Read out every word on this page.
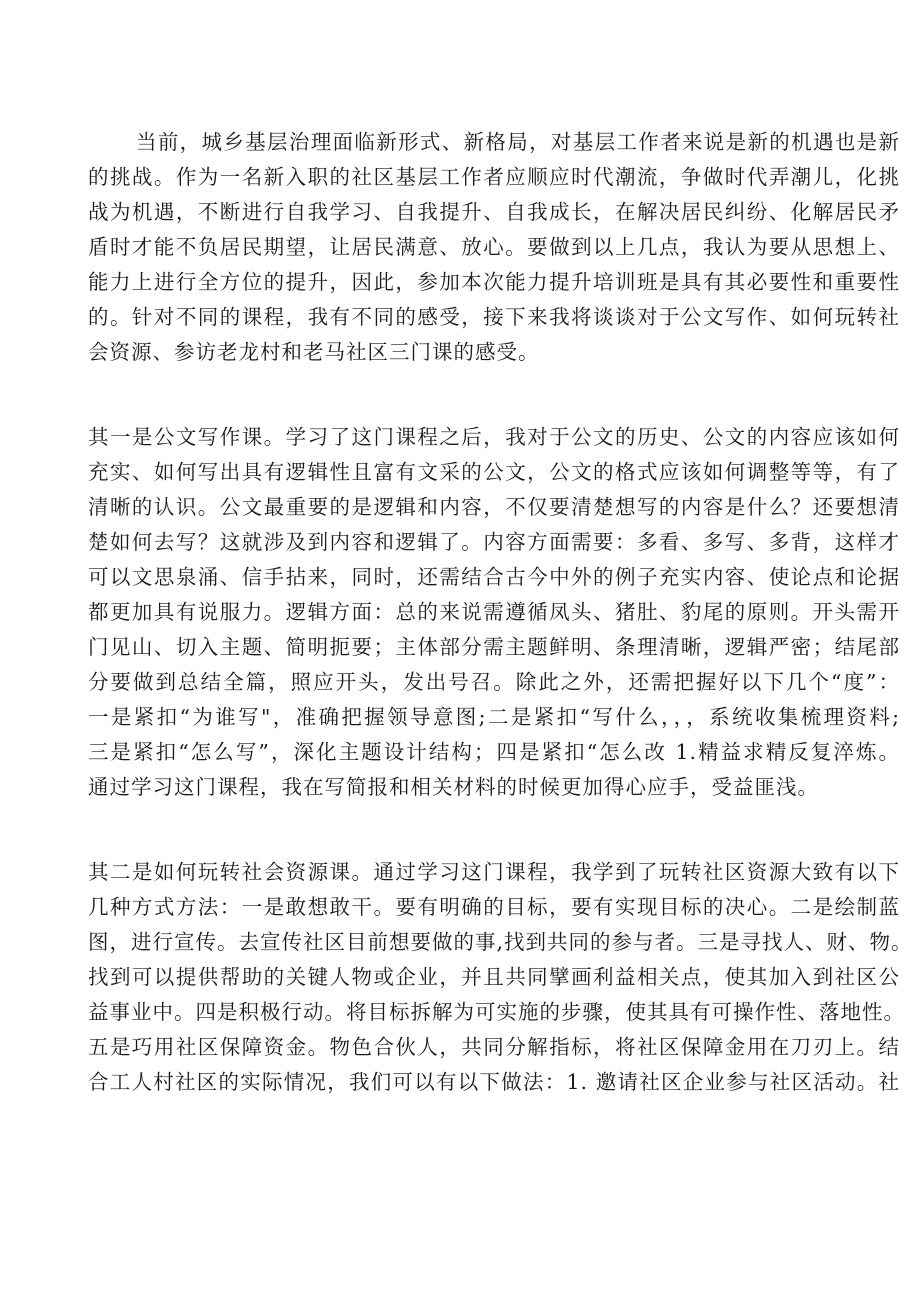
当前，城乡基层治理面临新形式、新格局，对基层工作者来说是新的机遇也是新
的挑战。作为一名新入职的社区基层工作者应顺应时代潮流，争做时代弄潮儿，化挑
战为机遇，不断进行自我学习、自我提升、自我成长，在解决居民纠纷、化解居民矛
盾时才能不负居民期望，让居民满意、放心。要做到以上几点，我认为要从思想上、
能力上进行全方位的提升，因此，参加本次能力提升培训班是具有其必要性和重要性
的。针对不同的课程，我有不同的感受，接下来我将谈谈对于公文写作、如何玩转社
会资源、参访老龙村和老马社区三门课的感受。
其一是公文写作课。学习了这门课程之后，我对于公文的历史、公文的内容应该如何
充实、如何写出具有逻辑性且富有文采的公文，公文的格式应该如何调整等等，有了
清晰的认识。公文最重要的是逻辑和内容，不仅要清楚想写的内容是什么？还要想清
楚如何去写？这就涉及到内容和逻辑了。内容方面需要：多看、多写、多背，这样才
可以文思泉涌、信手拈来，同时，还需结合古今中外的例子充实内容、使论点和论据
都更加具有说服力。逻辑方面：总的来说需遵循凤头、猪肚、豹尾的原则。开头需开
门见山、切入主题、简明扼要；主体部分需主题鲜明、条理清晰，逻辑严密；结尾部
分要做到总结全篇，照应开头，发出号召。除此之外，还需把握好以下几个“度”：
一是紧扣“为谁写"，准确把握领导意图;二是紧扣“写什么，，，系统收集梳理资料;
三是紧扣“怎么写”，深化主题设计结构；四是紧扣“怎么改 1.精益求精反复淬炼。
通过学习这门课程，我在写简报和相关材料的时候更加得心应手，受益匪浅。
其二是如何玩转社会资源课。通过学习这门课程，我学到了玩转社区资源大致有以下
几种方式方法：一是敢想敢干。要有明确的目标，要有实现目标的决心。二是绘制蓝
图，进行宣传。去宣传社区目前想要做的事,找到共同的参与者。三是寻找人、财、物。
找到可以提供帮助的关键人物或企业，并且共同擘画利益相关点，使其加入到社区公
益事业中。四是积极行动。将目标拆解为可实施的步骤，使其具有可操作性、落地性。
五是巧用社区保障资金。物色合伙人，共同分解指标，将社区保障金用在刀刃上。结
合工人村社区的实际情况，我们可以有以下做法：1. 邀请社区企业参与社区活动。社
